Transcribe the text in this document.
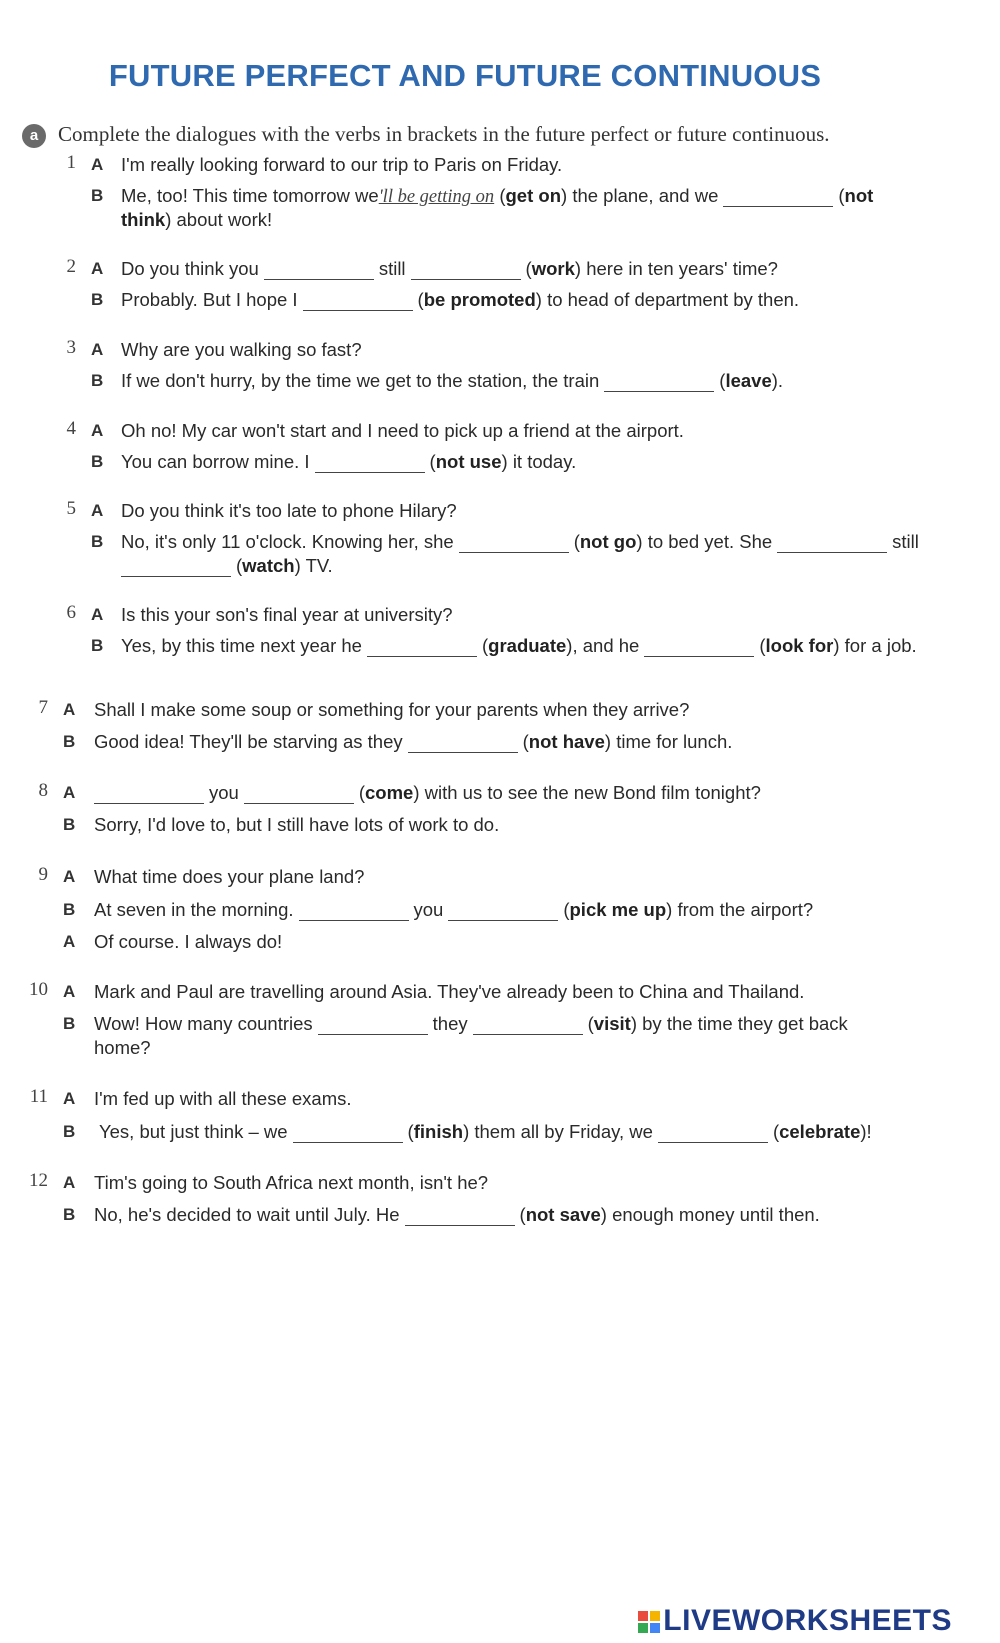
FUTURE PERFECT AND FUTURE CONTINUOUS
a Complete the dialogues with the verbs in brackets in the future perfect or future continuous.
1 A I'm really looking forward to our trip to Paris on Friday.
B Me, too! This time tomorrow we'll be getting on (get on) the plane, and we	(not
think) about work!
2 A Do you think you	still	(work) here in ten years' time?
B Probably. But I hope I	(be promoted) to head of department by then.
3 A Why are you walking so fast?
B If we don't hurry, by the time we get to the station, the train	(leave).
4 A Oh no! My car won't start and I need to pick up a friend at the airport.
B You can borrow mine. I	(not use) it today.
5 A Do you think it's too late to phone Hilary?
B No, it's only 11 o'clock. Knowing her, she	(not go) to bed yet. She	still
(watch) TV.
6 A Is this your son's final year at university?
B Yes, by this time next year he	(graduate), and he	(look for) for a job.
7 A Shall I make some soup or something for your parents when they arrive?
B Good idea! They'll be starving as they	(not have) time for lunch.
8 A	you	(come) with us to see the new Bond film tonight?
B Sorry, I'd love to, but I still have lots of work to do.
9 A What time does your plane land?
B At seven in the morning.	you	(pick me up) from the airport?
A Of course. I always do!
10 A Mark and Paul are travelling around Asia. They've already been to China and Thailand.
B Wow! How many countries	they	(visit) by the time they get back
home?
11 A I'm fed up with all these exams.
B Yes, but just think – we	(finish) them all by Friday, we	(celebrate)!
12 A Tim's going to South Africa next month, isn't he?
B No, he's decided to wait until July. He	(not save) enough money until then.
LIVEWORKSHEETS
